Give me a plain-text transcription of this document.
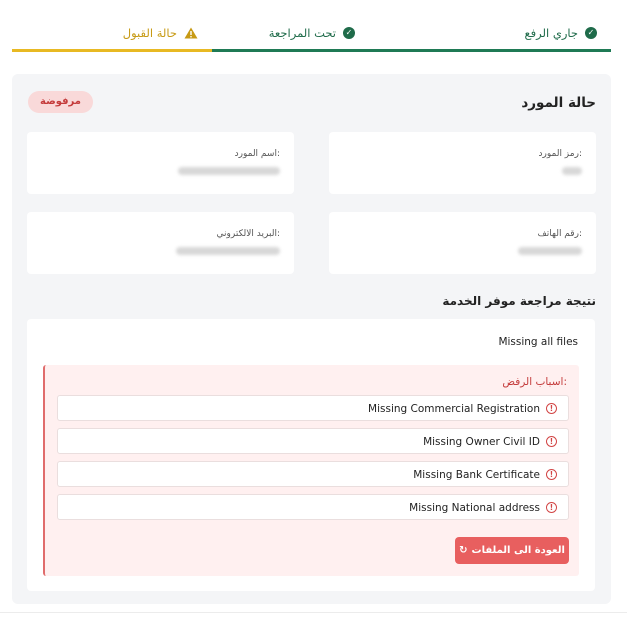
جاري الرفع	✓
تحت المراجعة	✓
حالة القبول
حالة المورد
مرفوضة
رمز المورد:
اسم المورد:
رقم الهاتف:
البريد الالكتروني:
نتيجة مراجعة موفر الخدمة
Missing all files
اسباب الرفض:
!
Missing Commercial Registration
!
Missing Owner Civil ID
!
Missing Bank Certificate
!
Missing National address
العودة الى الملفات
↻
